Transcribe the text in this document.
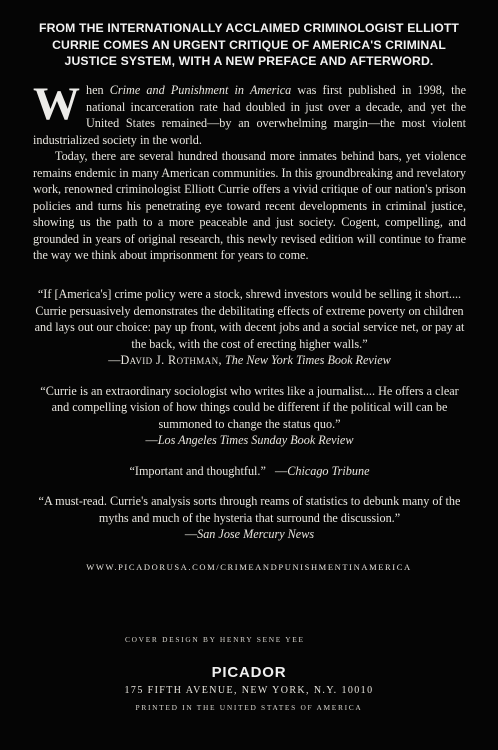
FROM THE INTERNATIONALLY ACCLAIMED CRIMINOLOGIST ELLIOTT CURRIE COMES AN URGENT CRITIQUE OF AMERICA'S CRIMINAL JUSTICE SYSTEM, WITH A NEW PREFACE AND AFTERWORD.

When Crime and Punishment in America was first published in 1998, the national incarceration rate had doubled in just over a decade, and yet the United States remained—by an overwhelming margin—the most violent industrialized society in the world.

Today, there are several hundred thousand more inmates behind bars, yet violence remains endemic in many American communities. In this groundbreaking and revelatory work, renowned criminologist Elliott Currie offers a vivid critique of our nation's prison policies and turns his penetrating eye toward recent developments in criminal justice, showing us the path to a more peaceable and just society. Cogent, compelling, and grounded in years of original research, this newly revised edition will continue to frame the way we think about imprisonment for years to come.

“If [America's] crime policy were a stock, shrewd investors would be selling it short.... Currie persuasively demonstrates the debilitating effects of extreme poverty on children and lays out our choice: pay up front, with decent jobs and a social service net, or pay at the back, with the cost of erecting higher walls.”
—David J. Rothman, The New York Times Book Review
“Currie is an extraordinary sociologist who writes like a journalist.... He offers a clear and compelling vision of how things could be different if the political will can be summoned to change the status quo.”
—Los Angeles Times Sunday Book Review
“Important and thoughtful.” —Chicago Tribune
“A must-read. Currie's analysis sorts through reams of statistics to debunk many of the myths and much of the hysteria that surround the discussion.”
—San Jose Mercury News
WWW.PICADORUSA.COM/CRIMEANDPUNISHMENTINAMERICA
COVER DESIGN BY HENRY SENE YEE
PICADOR
175 FIFTH AVENUE, NEW YORK, N.Y. 10010
PRINTED IN THE UNITED STATES OF AMERICA
